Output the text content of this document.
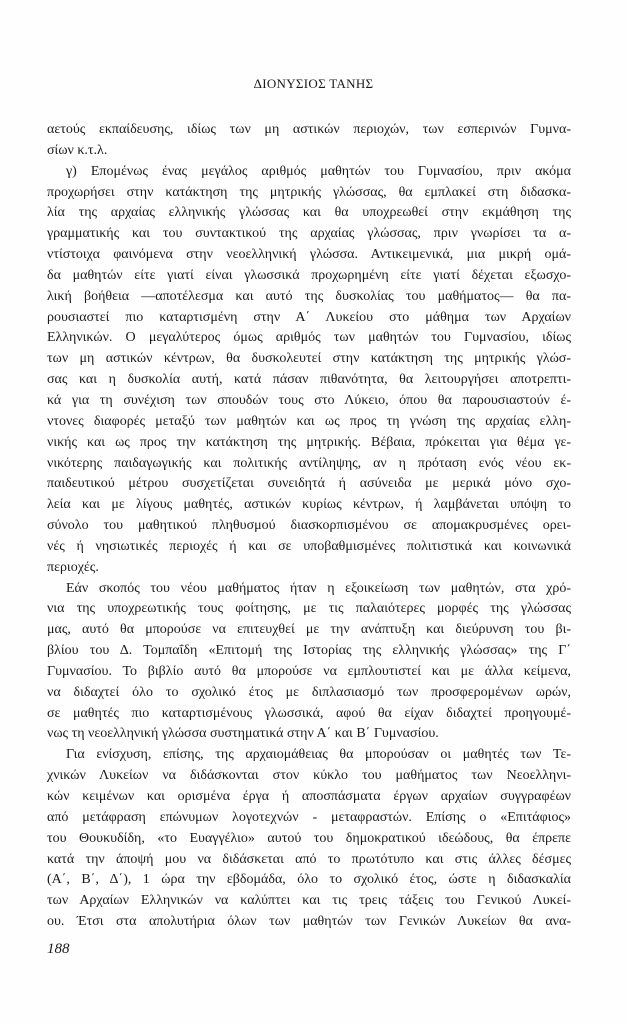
ΔΙΟΝΥΣΙΟΣ ΤΑΝΗΣ
αετούς εκπαίδευσης, ιδίως των μη αστικών περιοχών, των εσπερινών Γυμνα-
σίων κ.τ.λ.
γ) Επομένως ένας μεγάλος αριθμός μαθητών του Γυμνασίου, πριν ακόμα
προχωρήσει στην κατάκτηση της μητρικής γλώσσας, θα εμπλακεί στη διδασκα-
λία της αρχαίας ελληνικής γλώσσας και θα υποχρεωθεί στην εκμάθηση της
γραμματικής και του συντακτικού της αρχαίας γλώσσας, πριν γνωρίσει τα α-
ντίστοιχα φαινόμενα στην νεοελληνική γλώσσα. Αντικειμενικά, μια μικρή ομά-
δα μαθητών είτε γιατί είναι γλωσσικά προχωρημένη είτε γιατί δέχεται εξωσχο-
λική βοήθεια —αποτέλεσμα και αυτό της δυσκολίας του μαθήματος— θα πα-
ρουσιαστεί πιο καταρτισμένη στην Α΄ Λυκείου στο μάθημα των Αρχαίων
Ελληνικών. Ο μεγαλύτερος όμως αριθμός των μαθητών του Γυμνασίου, ιδίως
των μη αστικών κέντρων, θα δυσκολευτεί στην κατάκτηση της μητρικής γλώσ-
σας και η δυσκολία αυτή, κατά πάσαν πιθανότητα, θα λειτουργήσει αποτρεπτι-
κά για τη συνέχιση των σπουδών τους στο Λύκειο, όπου θα παρουσιαστούν έ-
ντονες διαφορές μεταξύ των μαθητών και ως προς τη γνώση της αρχαίας ελλη-
νικής και ως προς την κατάκτηση της μητρικής. Βέβαια, πρόκειται για θέμα γε-
νικότερης παιδαγωγικής και πολιτικής αντίληψης, αν η πρόταση ενός νέου εκ-
παιδευτικού μέτρου συσχετίζεται συνειδητά ή ασύνειδα με μερικά μόνο σχο-
λεία και με λίγους μαθητές, αστικών κυρίως κέντρων, ή λαμβάνεται υπόψη το
σύνολο του μαθητικού πληθυσμού διασκορπισμένου σε απομακρυσμένες ορει-
νές ή νησιωτικές περιοχές ή και σε υποβαθμισμένες πολιτιστικά και κοινωνικά
περιοχές.
Εάν σκοπός του νέου μαθήματος ήταν η εξοικείωση των μαθητών, στα χρό-
νια της υποχρεωτικής τους φοίτησης, με τις παλαιότερες μορφές της γλώσσας
μας, αυτό θα μπορούσε να επιτευχθεί με την ανάπτυξη και διεύρυνση του βι-
βλίου του Δ. Τομπαΐδη «Επιτομή της Ιστορίας της ελληνικής γλώσσας» της Γ΄
Γυμνασίου. Το βιβλίο αυτό θα μπορούσε να εμπλουτιστεί και με άλλα κείμενα,
να διδαχτεί όλο το σχολικό έτος με διπλασιασμό των προσφερομένων ωρών,
σε μαθητές πιο καταρτισμένους γλωσσικά, αφού θα είχαν διδαχτεί προηγουμέ-
νως τη νεοελληνική γλώσσα συστηματικά στην Α΄ και Β΄ Γυμνασίου.
Για ενίσχυση, επίσης, της αρχαιομάθειας θα μπορούσαν οι μαθητές των Τε-
χνικών Λυκείων να διδάσκονται στον κύκλο του μαθήματος των Νεοελληνι-
κών κειμένων και ορισμένα έργα ή αποσπάσματα έργων αρχαίων συγγραφέων
από μετάφραση επώνυμων λογοτεχνών - μεταφραστών. Επίσης ο «Επιτάφιος»
του Θουκυδίδη, «το Ευαγγέλιο» αυτού του δημοκρατικού ιδεώδους, θα έπρεπε
κατά την άποψή μου να διδάσκεται από το πρωτότυπο και στις άλλες δέσμες
(Α΄, Β΄, Δ΄), 1 ώρα την εβδομάδα, όλο το σχολικό έτος, ώστε η διδασκαλία
των Αρχαίων Ελληνικών να καλύπτει και τις τρεις τάξεις του Γενικού Λυκεί-
ου. Έτσι στα απολυτήρια όλων των μαθητών των Γενικών Λυκείων θα ανα-
188
